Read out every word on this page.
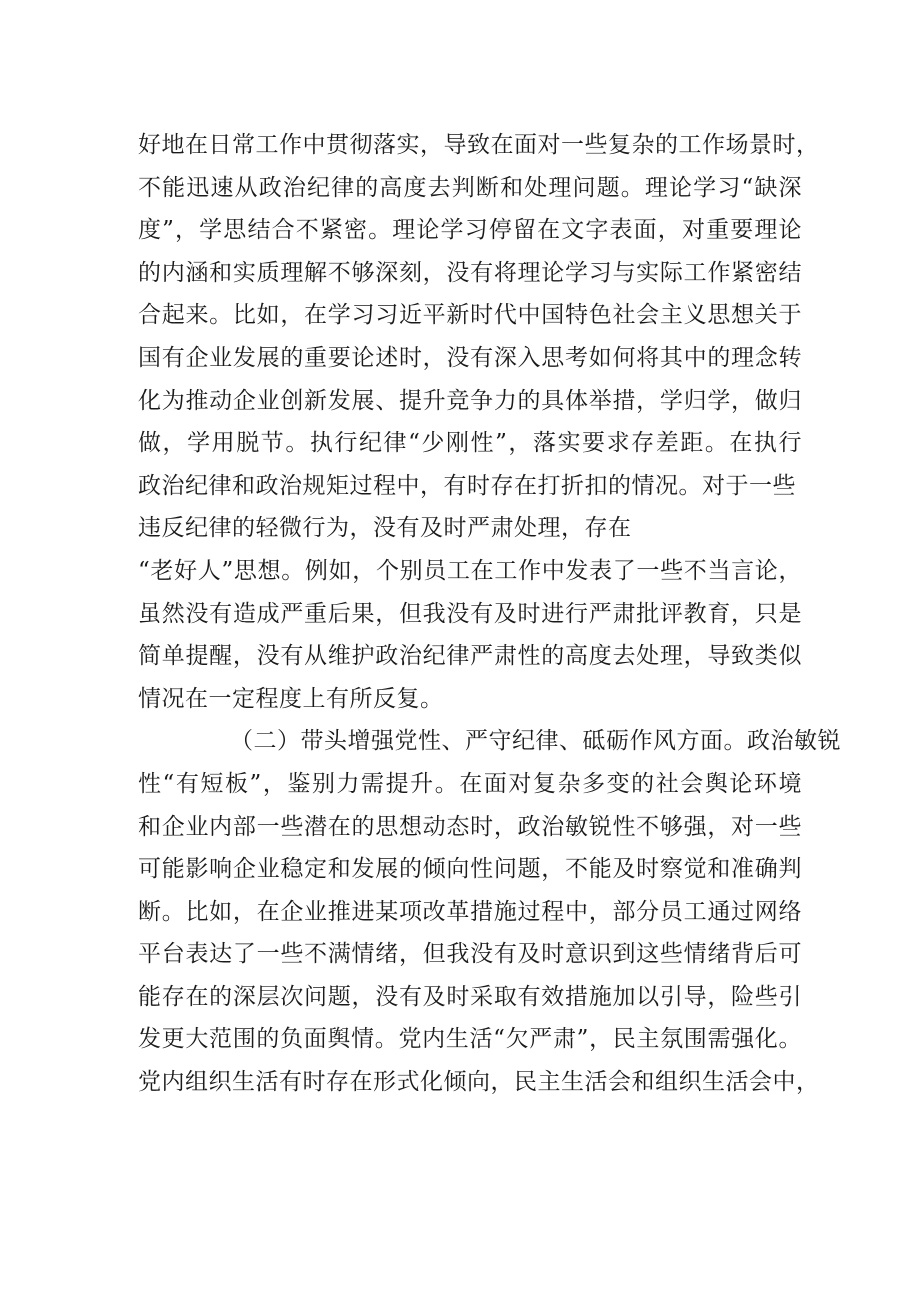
好地在日常工作中贯彻落实，导致在面对一些复杂的工作场景时，
不能迅速从政治纪律的高度去判断和处理问题。理论学习“缺深
度”，学思结合不紧密。理论学习停留在文字表面，对重要理论
的内涵和实质理解不够深刻，没有将理论学习与实际工作紧密结
合起来。比如，在学习习近平新时代中国特色社会主义思想关于
国有企业发展的重要论述时，没有深入思考如何将其中的理念转
化为推动企业创新发展、提升竞争力的具体举措，学归学，做归
做，学用脱节。执行纪律“少刚性”，落实要求存差距。在执行
政治纪律和政治规矩过程中，有时存在打折扣的情况。对于一些
违反纪律的轻微行为，没有及时严肃处理，存在
“老好人”思想。例如，个别员工在工作中发表了一些不当言论，
虽然没有造成严重后果，但我没有及时进行严肃批评教育，只是
简单提醒，没有从维护政治纪律严肃性的高度去处理，导致类似
情况在一定程度上有所反复。
（二）带头增强党性、严守纪律、砥砺作风方面。政治敏锐
性“有短板”，鉴别力需提升。在面对复杂多变的社会舆论环境
和企业内部一些潜在的思想动态时，政治敏锐性不够强，对一些
可能影响企业稳定和发展的倾向性问题，不能及时察觉和准确判
断。比如，在企业推进某项改革措施过程中，部分员工通过网络
平台表达了一些不满情绪，但我没有及时意识到这些情绪背后可
能存在的深层次问题，没有及时采取有效措施加以引导，险些引
发更大范围的负面舆情。党内生活“欠严肃”，民主氛围需强化。
党内组织生活有时存在形式化倾向，民主生活会和组织生活会中，
